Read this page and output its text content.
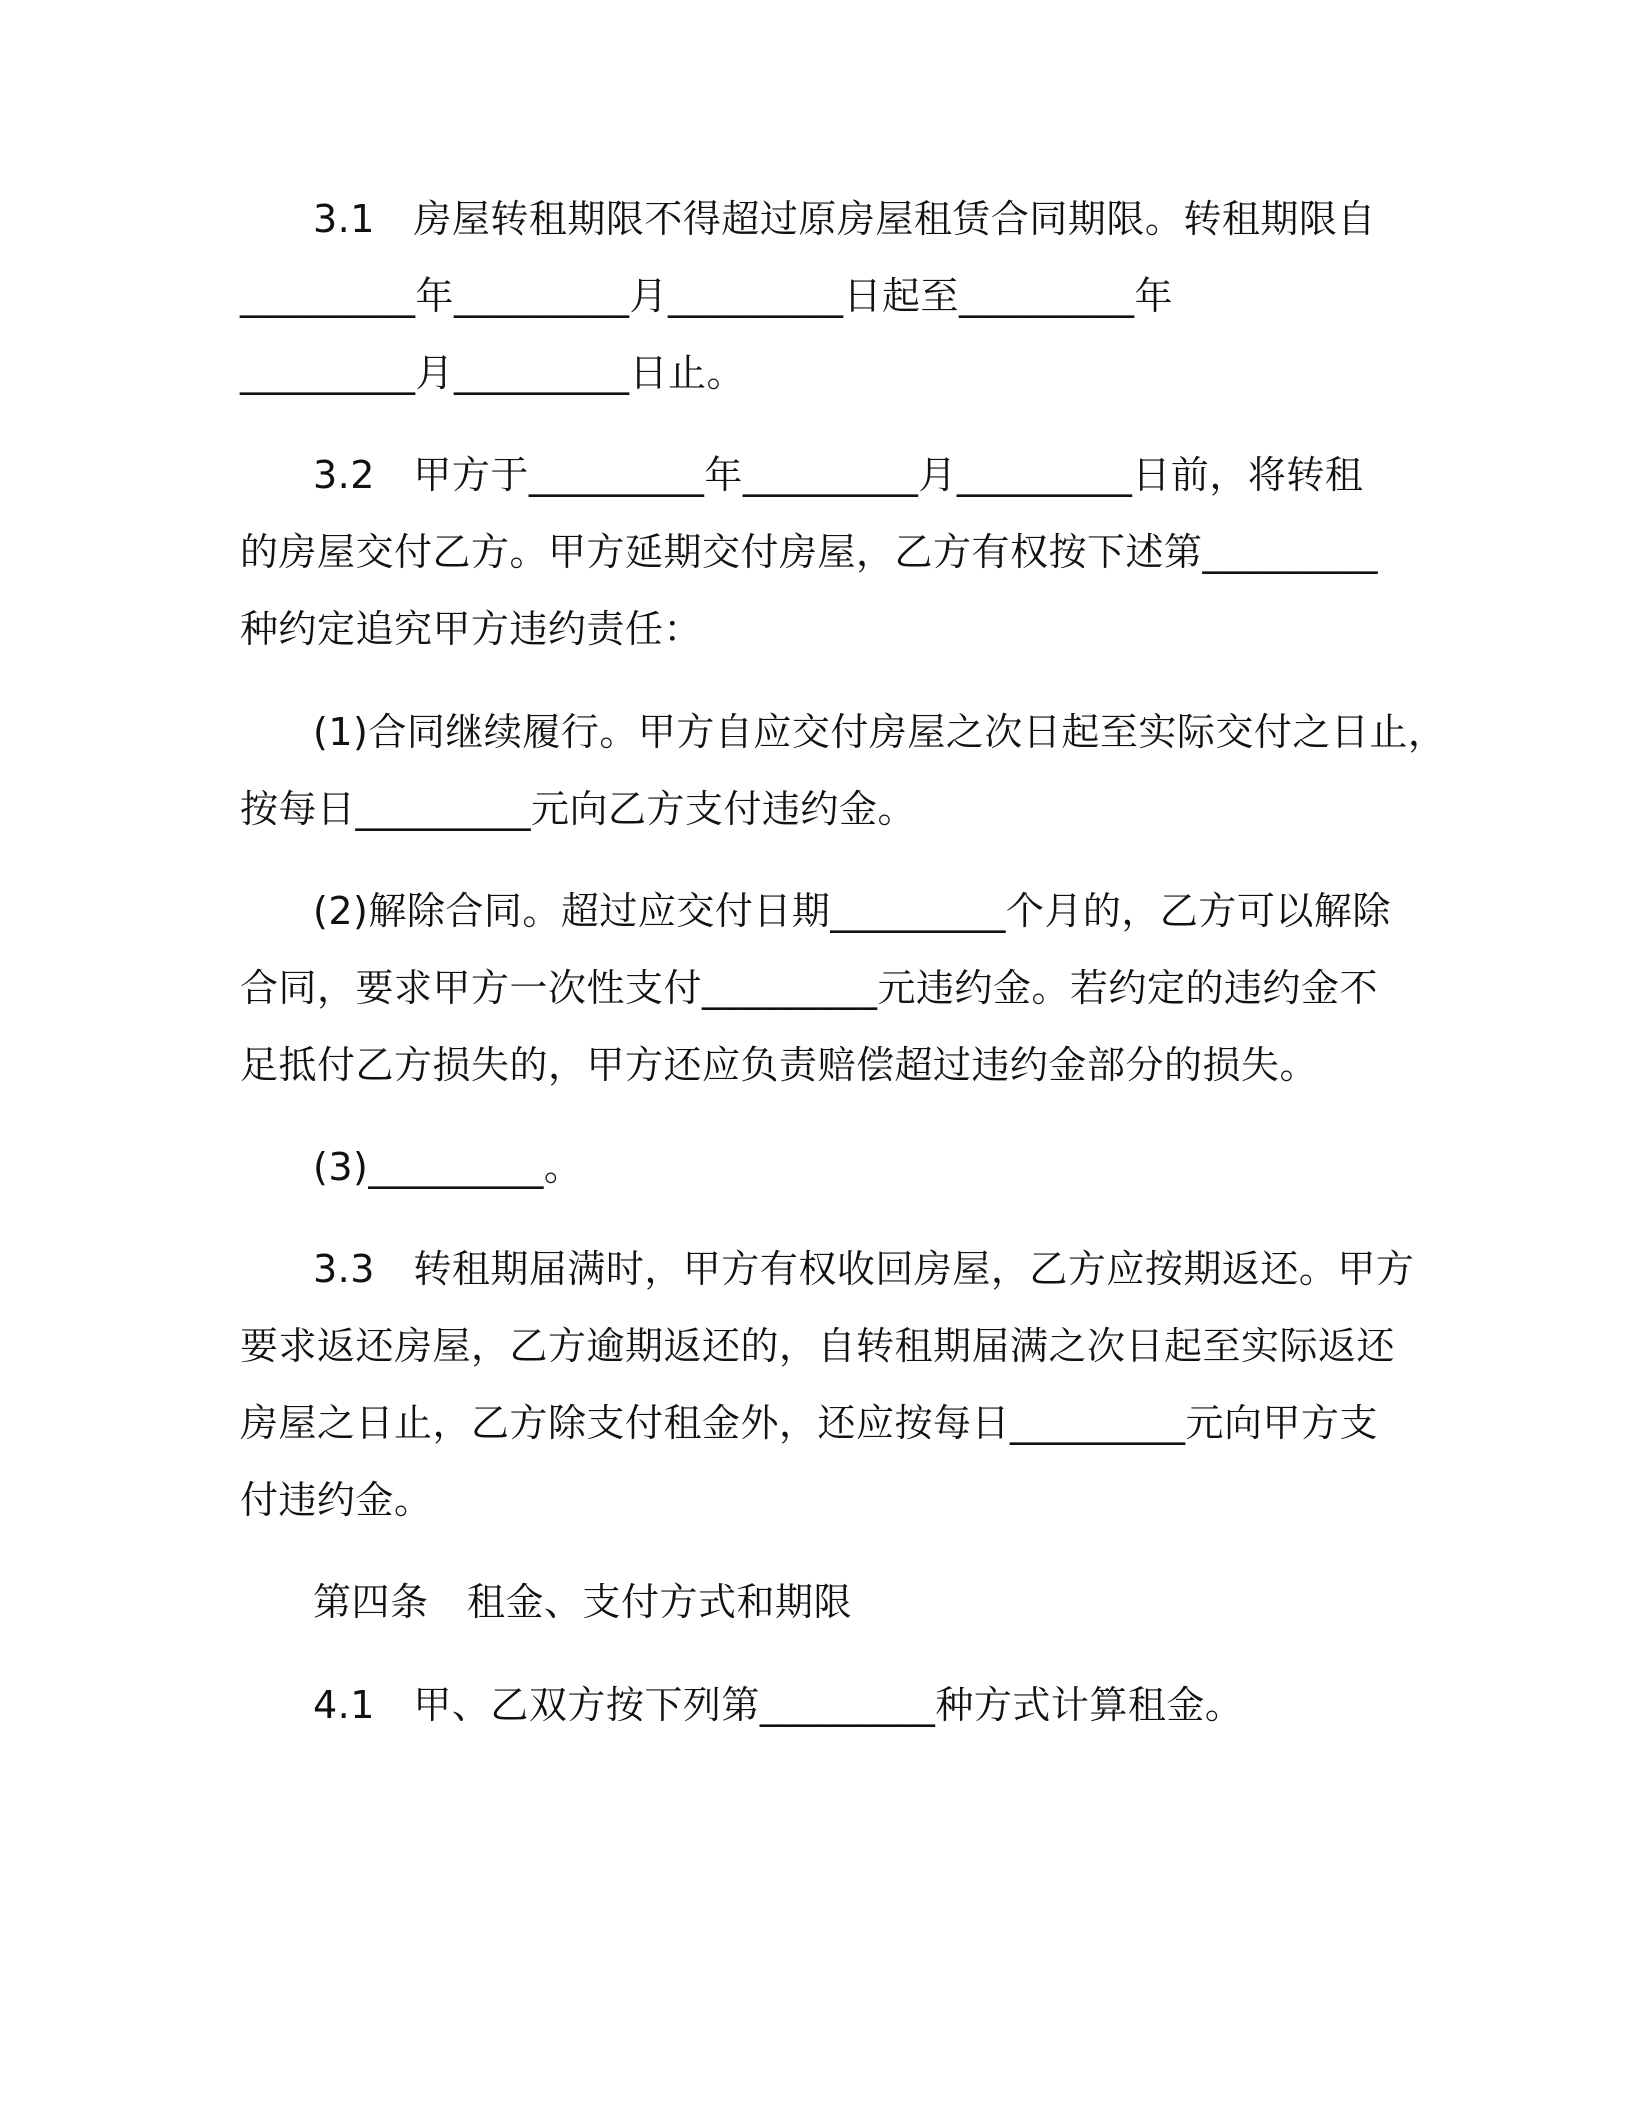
3.1　房屋转租期限不得超过原房屋租赁合同期限。转租期限自
_________年_________月_________日起至_________年
_________月_________日止。
3.2　甲方于_________年_________月_________日前，将转租
的房屋交付乙方。甲方延期交付房屋，乙方有权按下述第_________
种约定追究甲方违约责任：
(1)合同继续履行。甲方自应交付房屋之次日起至实际交付之日止，
按每日_________元向乙方支付违约金。
(2)解除合同。超过应交付日期_________个月的，乙方可以解除
合同，要求甲方一次性支付_________元违约金。若约定的违约金不
足抵付乙方损失的，甲方还应负责赔偿超过违约金部分的损失。
(3)_________。
3.3　转租期届满时，甲方有权收回房屋，乙方应按期返还。甲方
要求返还房屋，乙方逾期返还的，自转租期届满之次日起至实际返还
房屋之日止，乙方除支付租金外，还应按每日_________元向甲方支
付违约金。
第四条　租金、支付方式和期限
4.1　甲、乙双方按下列第_________种方式计算租金。
